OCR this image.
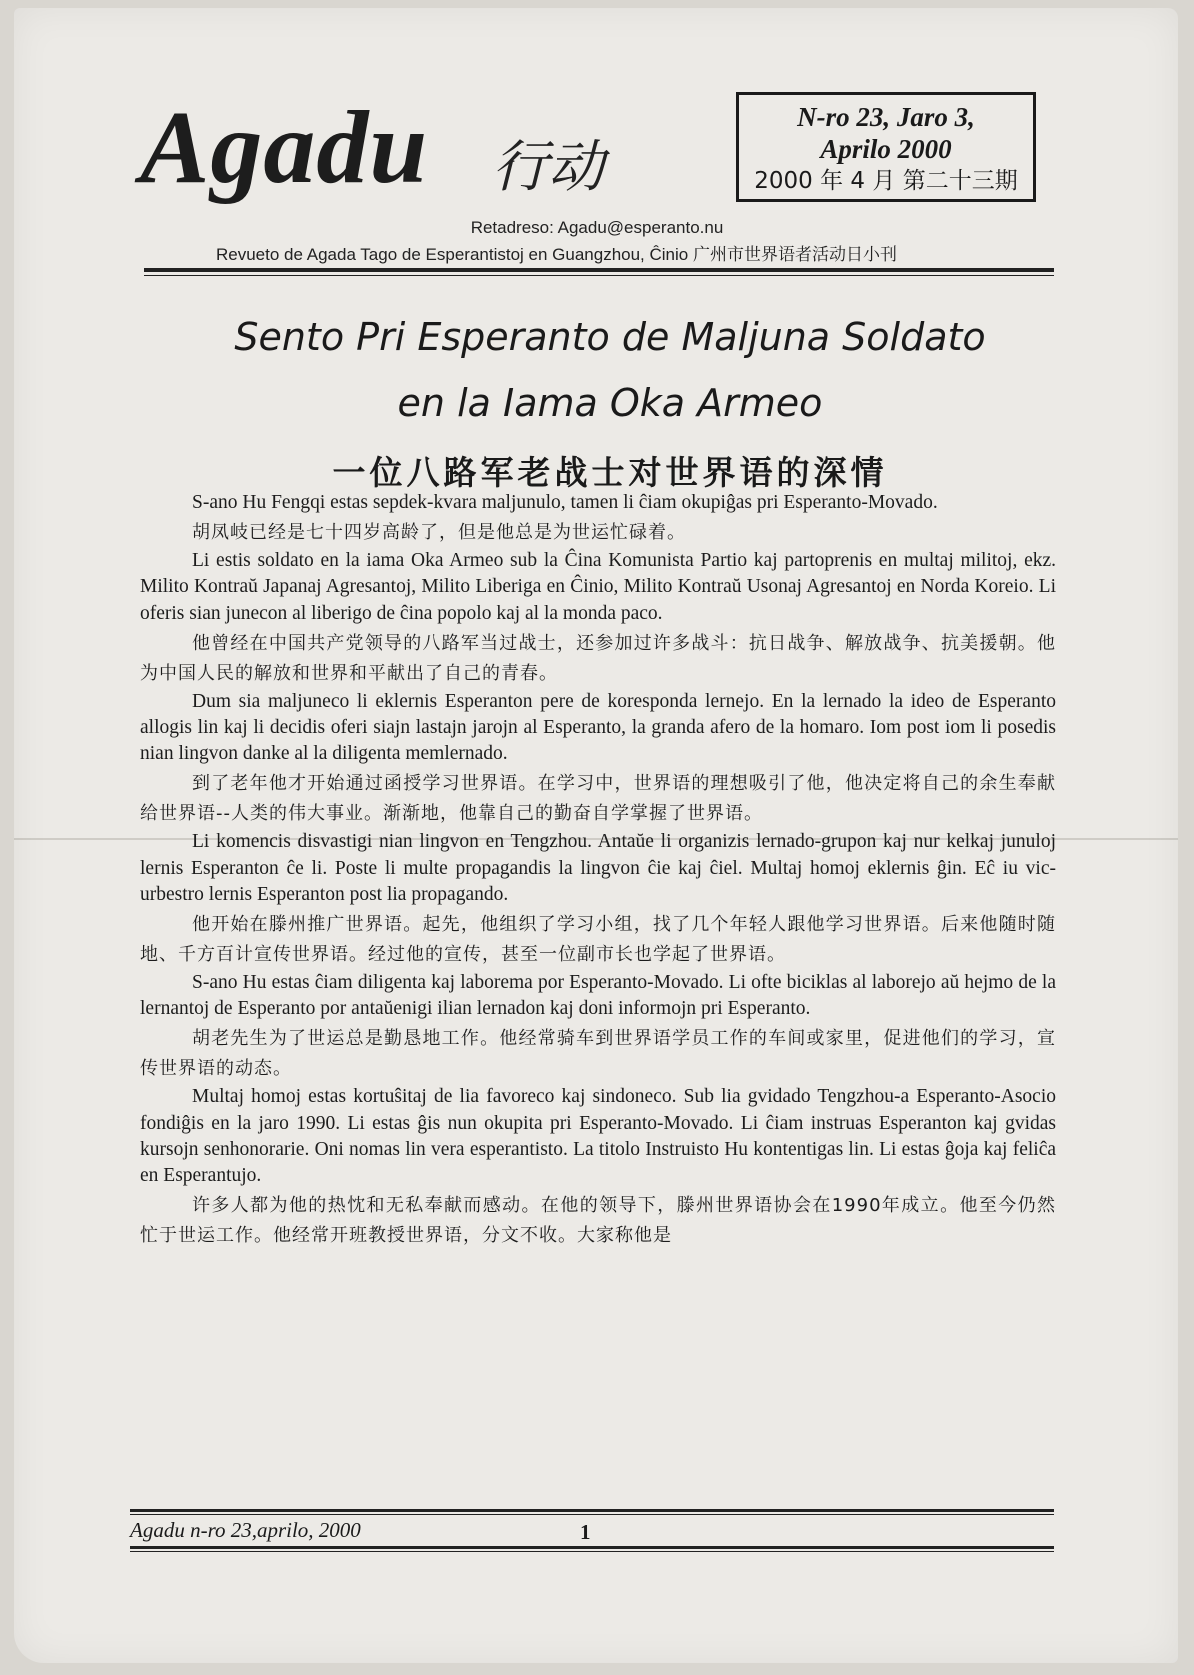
Agadu 行动
N-ro 23, Jaro 3,
Aprilo 2000
2000 年 4 月 第二十三期
Retadreso: Agadu@esperanto.nu
Revueto de Agada Tago de Esperantistoj en Guangzhou, Ĉinio 广州市世界语者活动日小刊
Sento Pri Esperanto de Maljuna Soldato
en la Iama Oka Armeo
一位八路军老战士对世界语的深情

S-ano Hu Fengqi estas sepdek-kvara maljunulo, tamen li ĉiam okupiĝas pri Esperanto-Movado.

胡凤岐已经是七十四岁高龄了，但是他总是为世运忙碌着。

Li estis soldato en la iama Oka Armeo sub la Ĉina Komunista Partio kaj partoprenis en multaj militoj, ekz. Milito Kontraŭ Japanaj Agresantoj, Milito Liberiga en Ĉinio, Milito Kontraŭ Usonaj Agresantoj en Norda Koreio. Li oferis sian junecon al liberigo de ĉina popolo kaj al la monda paco.

他曾经在中国共产党领导的八路军当过战士，还参加过许多战斗：抗日战争、解放战争、抗美援朝。他为中国人民的解放和世界和平献出了自己的青春。

Dum sia maljuneco li eklernis Esperanton pere de koresponda lernejo. En la lernado la ideo de Esperanto allogis lin kaj li decidis oferi siajn lastajn jarojn al Esperanto, la granda afero de la homaro. Iom post iom li posedis nian lingvon danke al la diligenta memlernado.

到了老年他才开始通过函授学习世界语。在学习中，世界语的理想吸引了他，他决定将自己的余生奉献给世界语--人类的伟大事业。渐渐地，他靠自己的勤奋自学掌握了世界语。

Li komencis disvastigi nian lingvon en Tengzhou. Antaŭe li organizis lernado-grupon kaj nur kelkaj junuloj lernis Esperanton ĉe li. Poste li multe propagandis la lingvon ĉie kaj ĉiel. Multaj homoj eklernis ĝin. Eĉ iu vic-urbestro lernis Esperanton post lia propagando.

他开始在滕州推广世界语。起先，他组织了学习小组，找了几个年轻人跟他学习世界语。后来他随时随地、千方百计宣传世界语。经过他的宣传，甚至一位副市长也学起了世界语。

S-ano Hu estas ĉiam diligenta kaj laborema por Esperanto-Movado. Li ofte biciklas al laborejo aŭ hejmo de la lernantoj de Esperanto por antaŭenigi ilian lernadon kaj doni informojn pri Esperanto.

胡老先生为了世运总是勤恳地工作。他经常骑车到世界语学员工作的车间或家里，促进他们的学习，宣传世界语的动态。

Multaj homoj estas kortuŝitaj de lia favoreco kaj sindoneco. Sub lia gvidado Tengzhou-a Esperanto-Asocio fondiĝis en la jaro 1990. Li estas ĝis nun okupita pri Esperanto-Movado. Li ĉiam instruas Esperanton kaj gvidas kursojn senhonorarie. Oni nomas lin vera esperantisto. La titolo Instruisto Hu kontentigas lin. Li estas ĝoja kaj feliĉa en Esperantujo.

许多人都为他的热忱和无私奉献而感动。在他的领导下，滕州世界语协会在1990年成立。他至今仍然忙于世运工作。他经常开班教授世界语，分文不收。大家称他是

Agadu n-ro 23,aprilo, 2000	1
